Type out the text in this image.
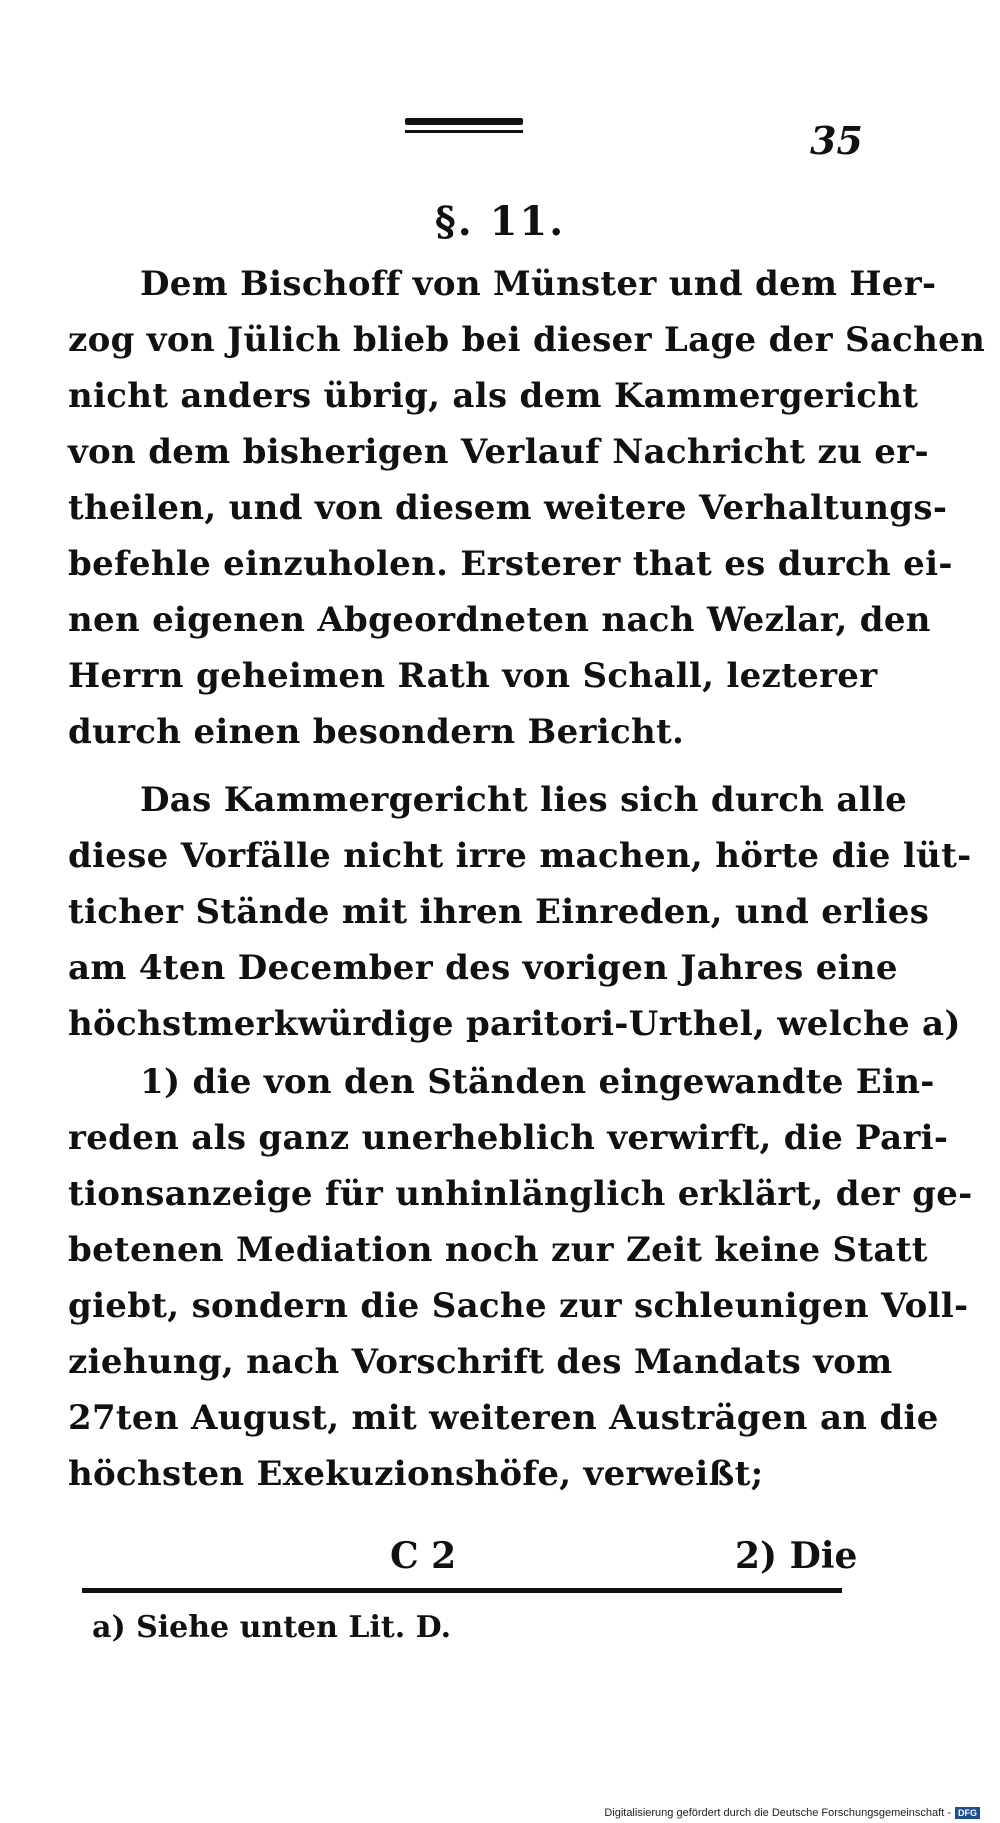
35
§. 11.
Dem Bischoff von Münster und dem Her-
zog von Jülich blieb bei dieser Lage der Sachen
nicht anders übrig, als dem Kammergericht
von dem bisherigen Verlauf Nachricht zu er-
theilen, und von diesem weitere Verhaltungs-
befehle einzuholen. Ersterer that es durch ei-
nen eigenen Abgeordneten nach Wezlar, den
Herrn geheimen Rath von Schall, lezterer
durch einen besondern Bericht.
Das Kammergericht lies sich durch alle
diese Vorfälle nicht irre machen, hörte die lüt-
ticher Stände mit ihren Einreden, und erlies
am 4ten December des vorigen Jahres eine
höchstmerkwürdige paritori-Urthel, welche a)
1) die von den Ständen eingewandte Ein-
reden als ganz unerheblich verwirft, die Pari-
tionsanzeige für unhinlänglich erklärt, der ge-
betenen Mediation noch zur Zeit keine Statt
giebt, sondern die Sache zur schleunigen Voll-
ziehung, nach Vorschrift des Mandats vom
27ten August, mit weiteren Austrägen an die
höchsten Exekuzionshöfe, verweißt;
C 2	2) Die
a) Siehe unten Lit. D.
Digitalisierung gefördert durch die Deutsche Forschungsgemeinschaft - DFG
